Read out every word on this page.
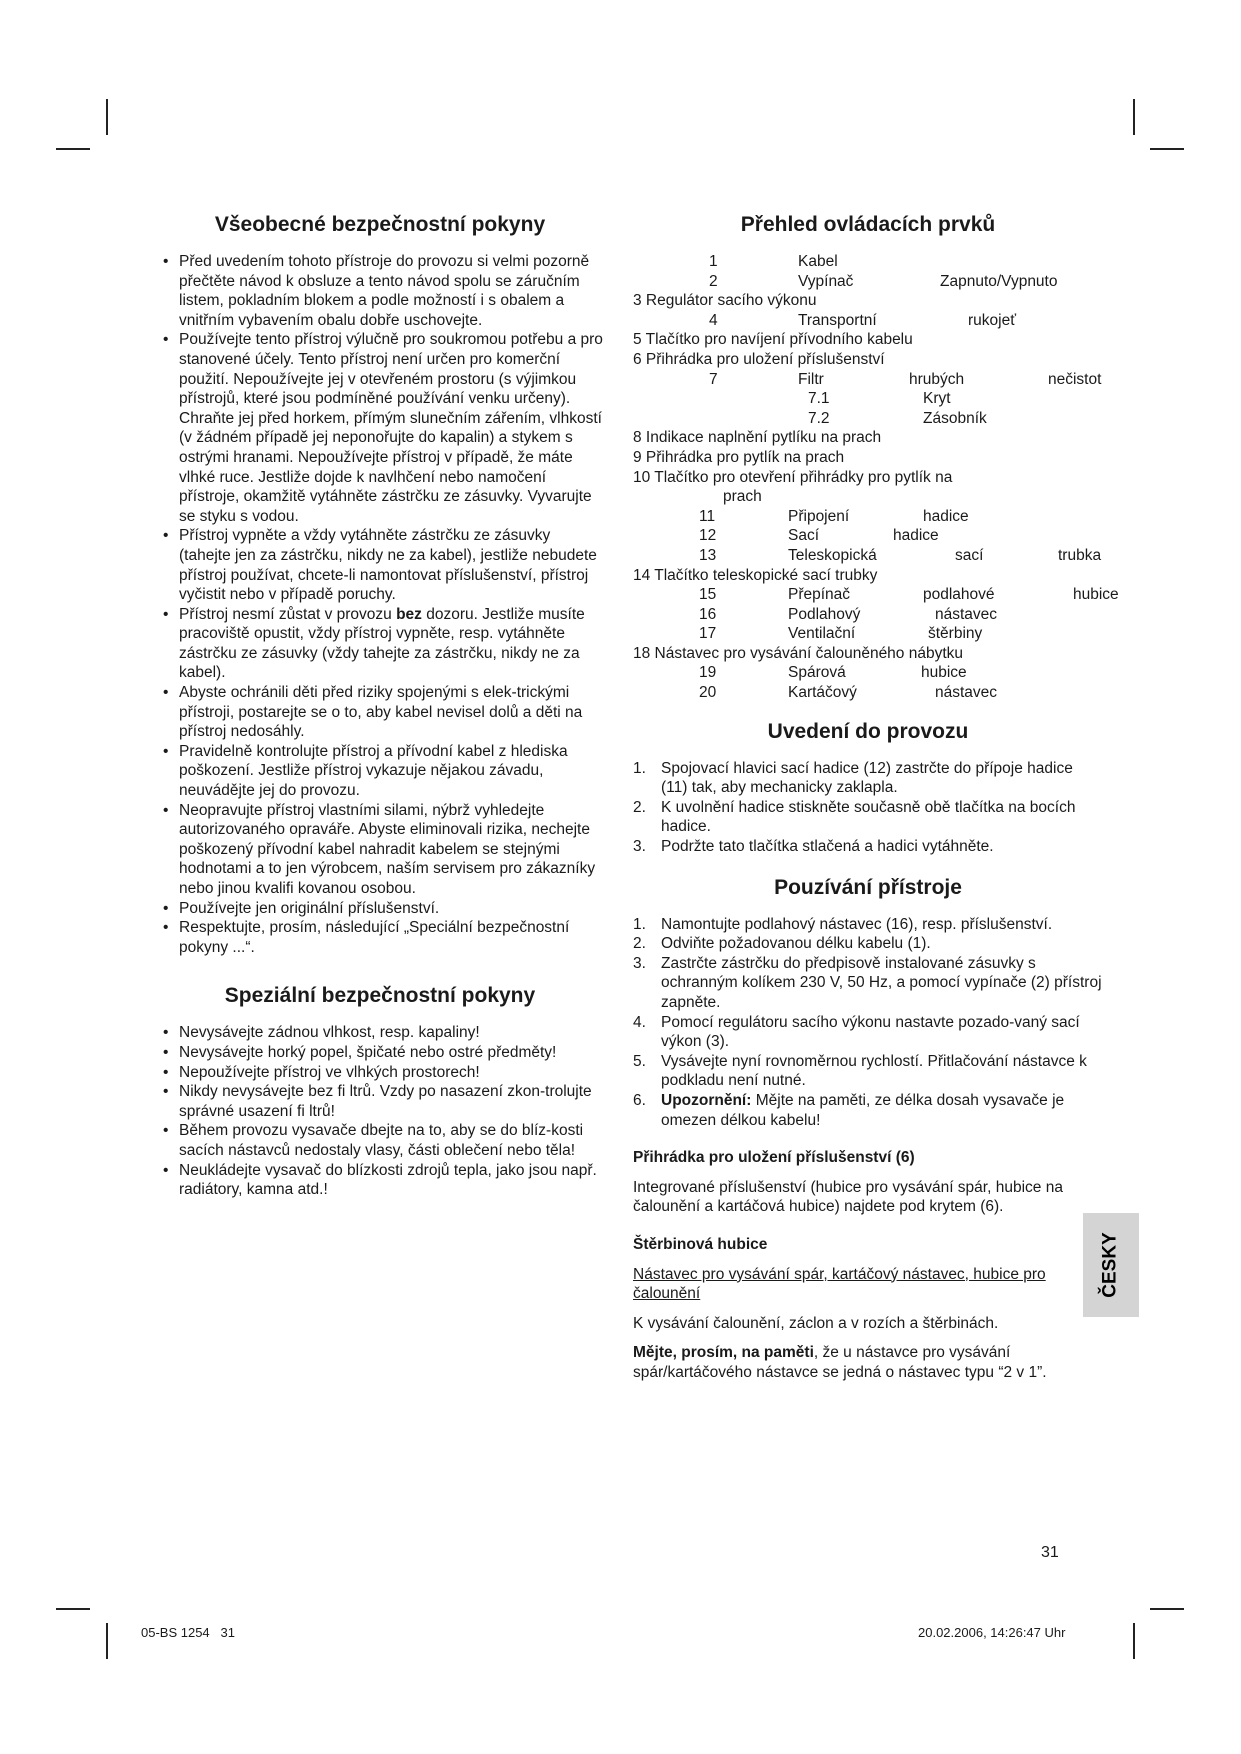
Všeobecné bezpečnostní pokyny
• Před uvedením tohoto přístroje do provozu si velmi pozorně přečtěte návod k obsluze a tento návod spolu se záručním listem, pokladním blokem a podle možností i s obalem a vnitřním vybavením obalu dobře uschovejte.
• Používejte tento přístroj výlučně pro soukromou potřebu a pro stanovené účely. Tento přístroj není určen pro komerční použití. Nepoužívejte jej v otevřeném prostoru (s výjimkou přístrojů, které jsou podmíněné používání venku určeny). Chraňte jej před horkem, přímým slunečním zářením, vlhkostí (v žádném případě jej neponořujte do kapalin) a stykem s ostrými hranami. Nepoužívejte přístroj v případě, že máte vlhké ruce. Jestliže dojde k navlhčení nebo namočení přístroje, okamžitě vytáhněte zástrčku ze zásuvky. Vyvarujte se styku s vodou.
• Přístroj vypněte a vždy vytáhněte zástrčku ze zásuvky (tahejte jen za zástrčku, nikdy ne za kabel), jestliže nebudete přístroj používat, chcete-li namontovat příslušenství, přístroj vyčistit nebo v případě poruchy.
• Přístroj nesmí zůstat v provozu bez dozoru. Jestliže musíte pracoviště opustit, vždy přístroj vypněte, resp. vytáhněte zástrčku ze zásuvky (vždy tahejte za zástrčku, nikdy ne za kabel).
• Abyste ochránili děti před riziky spojenými s elek-trickými přístroji, postarejte se o to, aby kabel nevisel dolů a děti na přístroj nedosáhly.
• Pravidelně kontrolujte přístroj a přívodní kabel z hlediska poškození. Jestliže přístroj vykazuje nějakou závadu, neuvádějte jej do provozu.
• Neopravujte přístroj vlastními silami, nýbrž vyhledejte autorizovaného opraváře. Abyste eliminovali rizika, nechejte poškozený přívodní kabel nahradit kabelem se stejnými hodnotami a to jen výrobcem, naším servisem pro zákazníky nebo jinou kvalifi kovanou osobou.
• Používejte jen originální příslušenství.
• Respektujte, prosím, následující „Speciální bezpečnostní pokyny ...“.
Speziální bezpečnostní pokyny
• Nevysávejte zádnou vlhkost, resp. kapaliny!
• Nevysávejte horký popel, špičaté nebo ostré předměty!
• Nepoužívejte přístroj ve vlhkých prostorech!
• Nikdy nevysávejte bez fi ltrů. Vzdy po nasazení zkon-trolujte správné usazení fi ltrů!
• Během provozu vysavače dbejte na to, aby se do blíz-kosti sacích nástavců nedostaly vlasy, části oblečení nebo těla!
• Neukládejte vysavač do blízkosti zdrojů tepla, jako jsou např. radiátory, kamna atd.!
Přehled ovládacích prvků
1	Kabel
2	Vypínač	Zapnuto/Vypnuto
3 Regulátor sacího výkonu
4	Transportní	rukojeť
5 Tlačítko pro navíjení přívodního kabelu
6 Přihrádka pro uložení příslušenství
7	Filtr	hrubých	nečistot
7.1	Kryt
7.2	Zásobník
8 Indikace naplnění pytlíku na prach
9 Přihrádka pro pytlík na prach
10 Tlačítko pro otevření přihrádky pro pytlík na
prach
11	Připojení	hadice
12	Sací	hadice
13	Teleskopická	sací	trubka
14 Tlačítko teleskopické sací trubky
15	Přepínač	podlahové	hubice
16	Podlahový	nástavec
17	Ventilační	štěrbiny
18 Nástavec pro vysávání čalouněného nábytku
19	Spárová	hubice
20	Kartáčový	nástavec
Uvedení do provozu
1. Spojovací hlavici sací hadice (12) zastrčte do přípoje hadice (11) tak, aby mechanicky zaklapla.
2. K uvolnění hadice stiskněte současně obě tlačítka na bocích hadice.
3. Podržte tato tlačítka stlačená a hadici vytáhněte.
Pouzívání přístroje
1. Namontujte podlahový nástavec (16), resp. příslušenství.
2. Odviňte požadovanou délku kabelu (1).
3. Zastrčte zástrčku do předpisově instalované zásuvky s ochranným kolíkem 230 V, 50 Hz, a pomocí vypínače (2) přístroj zapněte.
4. Pomocí regulátoru sacího výkonu nastavte pozado-vaný sací výkon (3).
5. Vysávejte nyní rovnoměrnou rychlostí. Přitlačování nástavce k podkladu není nutné.
6. Upozornění: Mějte na paměti, ze délka dosah vysavače je omezen délkou kabelu!
Přihrádka pro uložení příslušenství (6)

Integrované příslušenství (hubice pro vysávání spár, hubice na čalounění a kartáčová hubice) najdete pod krytem (6).

Štěrbinová hubice

Nástavec pro vysávání spár, kartáčový nástavec, hubice pro čalounění

K vysávání čalounění, záclon a v rozích a štěrbinách.

Mějte, prosím, na paměti, že u nástavce pro vysávání spár/kartáčového nástavce se jedná o nástavec typu “2 v 1”.

ČESKY
31
05-BS 1254   31	20.02.2006, 14:26:47 Uhr
